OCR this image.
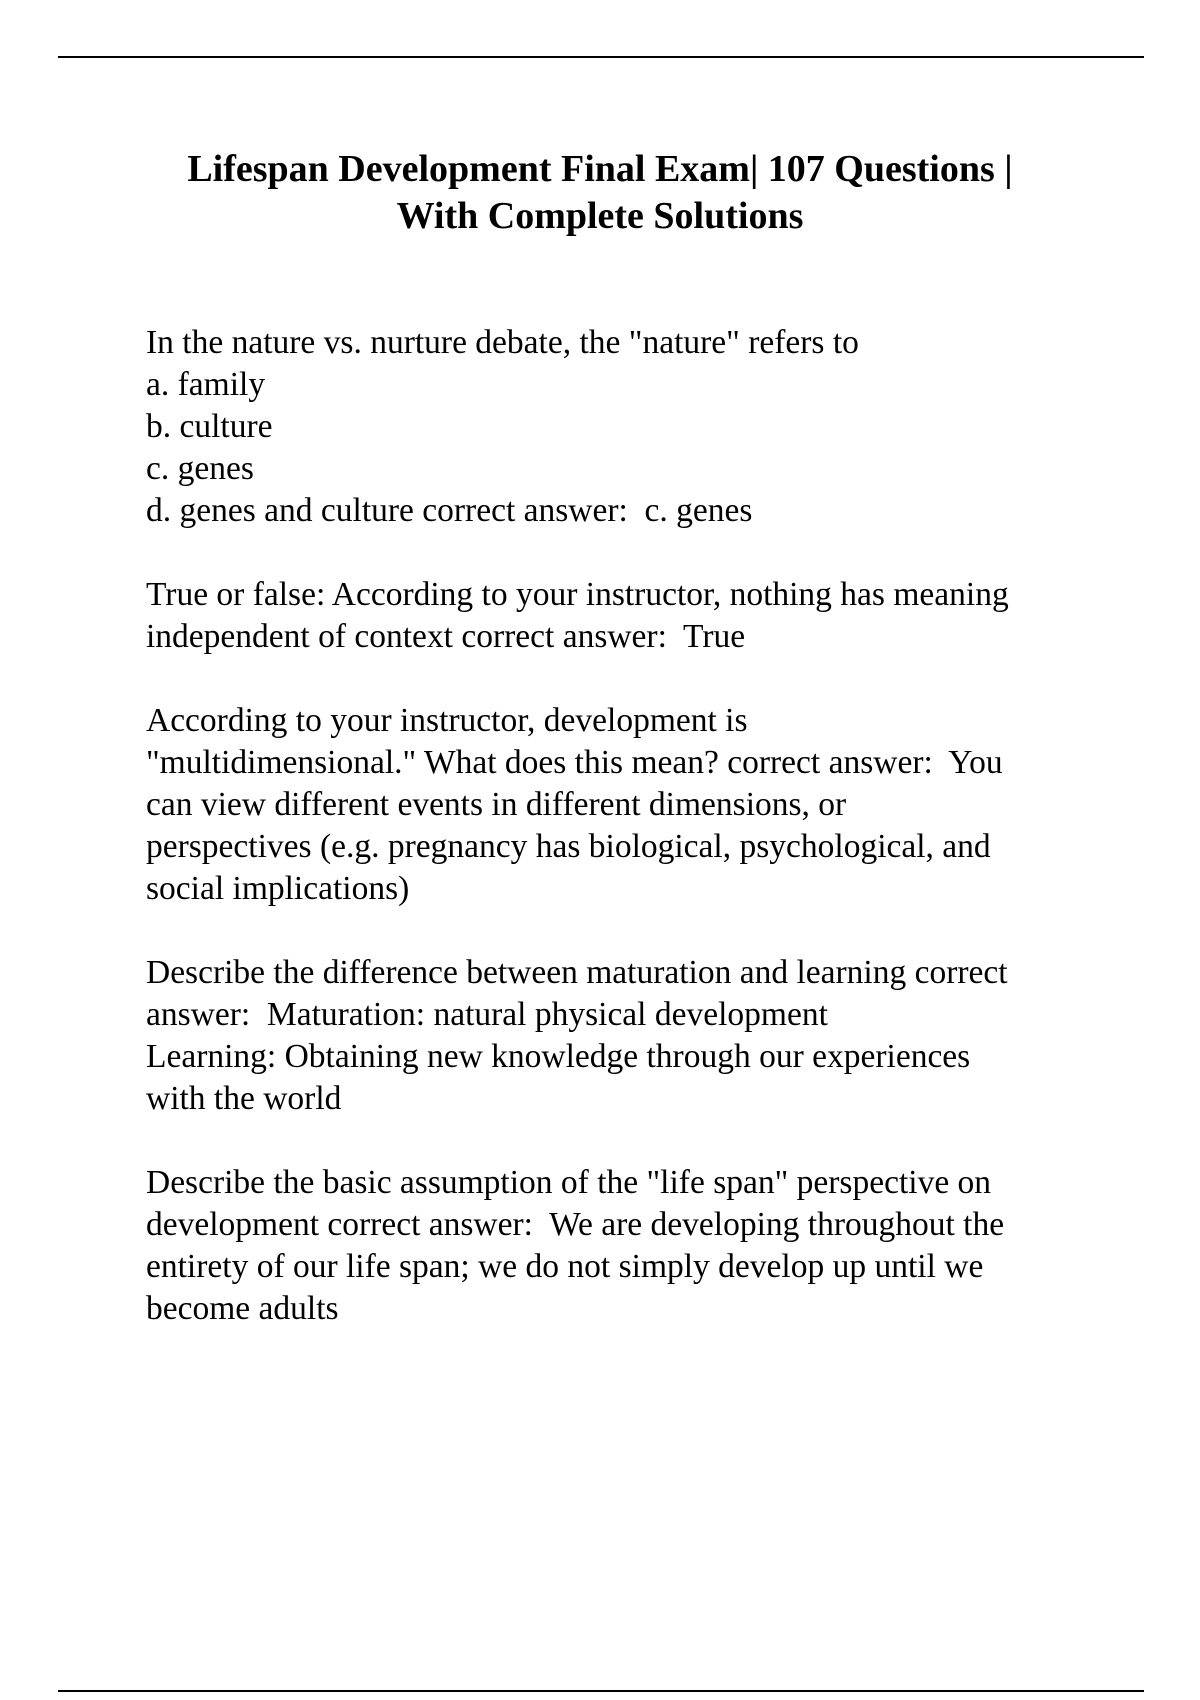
Lifespan Development Final Exam| 107 Questions |
With Complete Solutions
In the nature vs. nurture debate, the "nature" refers to
a. family
b. culture
c. genes
d. genes and culture correct answer:  c. genes
True or false: According to your instructor, nothing has meaning
independent of context correct answer:  True
According to your instructor, development is
"multidimensional." What does this mean? correct answer:  You
can view different events in different dimensions, or
perspectives (e.g. pregnancy has biological, psychological, and
social implications)
Describe the difference between maturation and learning correct
answer:  Maturation: natural physical development
Learning: Obtaining new knowledge through our experiences
with the world
Describe the basic assumption of the "life span" perspective on
development correct answer:  We are developing throughout the
entirety of our life span; we do not simply develop up until we
become adults
